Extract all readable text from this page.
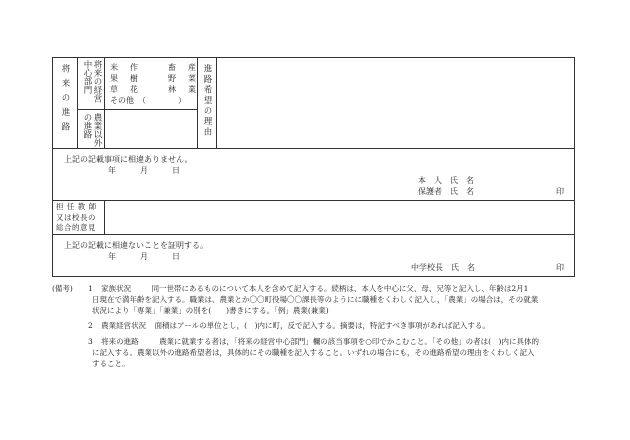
将来の進路	将来の経営中心部門	米 作	畜 産
果 樹	野 菜
草 花	林 業
その他　（　　　　）
農業以外の進路	進路希望の理由
上記の記載事項に相違ありません。
年　　　月　　　日
本　人　氏　名
保護者　氏　名	印
担 任 教 師
又は校長の
総合的意見
上記の記載に相違ないことを証明する。
年　　　月　　　日
中学校長　氏　名	印
(備考) 1 家族状況	同一世帯にあるものについて本人を含めて記入する。続柄は、本人を中心に父、母、兄等と記入し、年齢は2月1
日現在で満年齢を記入する。職業は、農業とか〇〇町役場〇〇課長等のようにに職種をくわしく記入し，「農業」の場合は，その就業
状況により「専業」「兼業」の別を(　　)書きにする。「例」農業(兼業)
2 農業経営状況 面積はアールの単位とし，(　)内に町，反で記入する。摘要は，特記すべき事項があれば記入する。
3 将来の進路	農業に就業する者は，「将来の経営中心部門」欄の該当事項を○印でかこむこと。「その他」の者は(　)内に具体的
に記入する。農業以外の進路希望者は，具体的にその職種を記入すること。いずれの場合にも，その進路希望の理由をくわしく記入
すること。
